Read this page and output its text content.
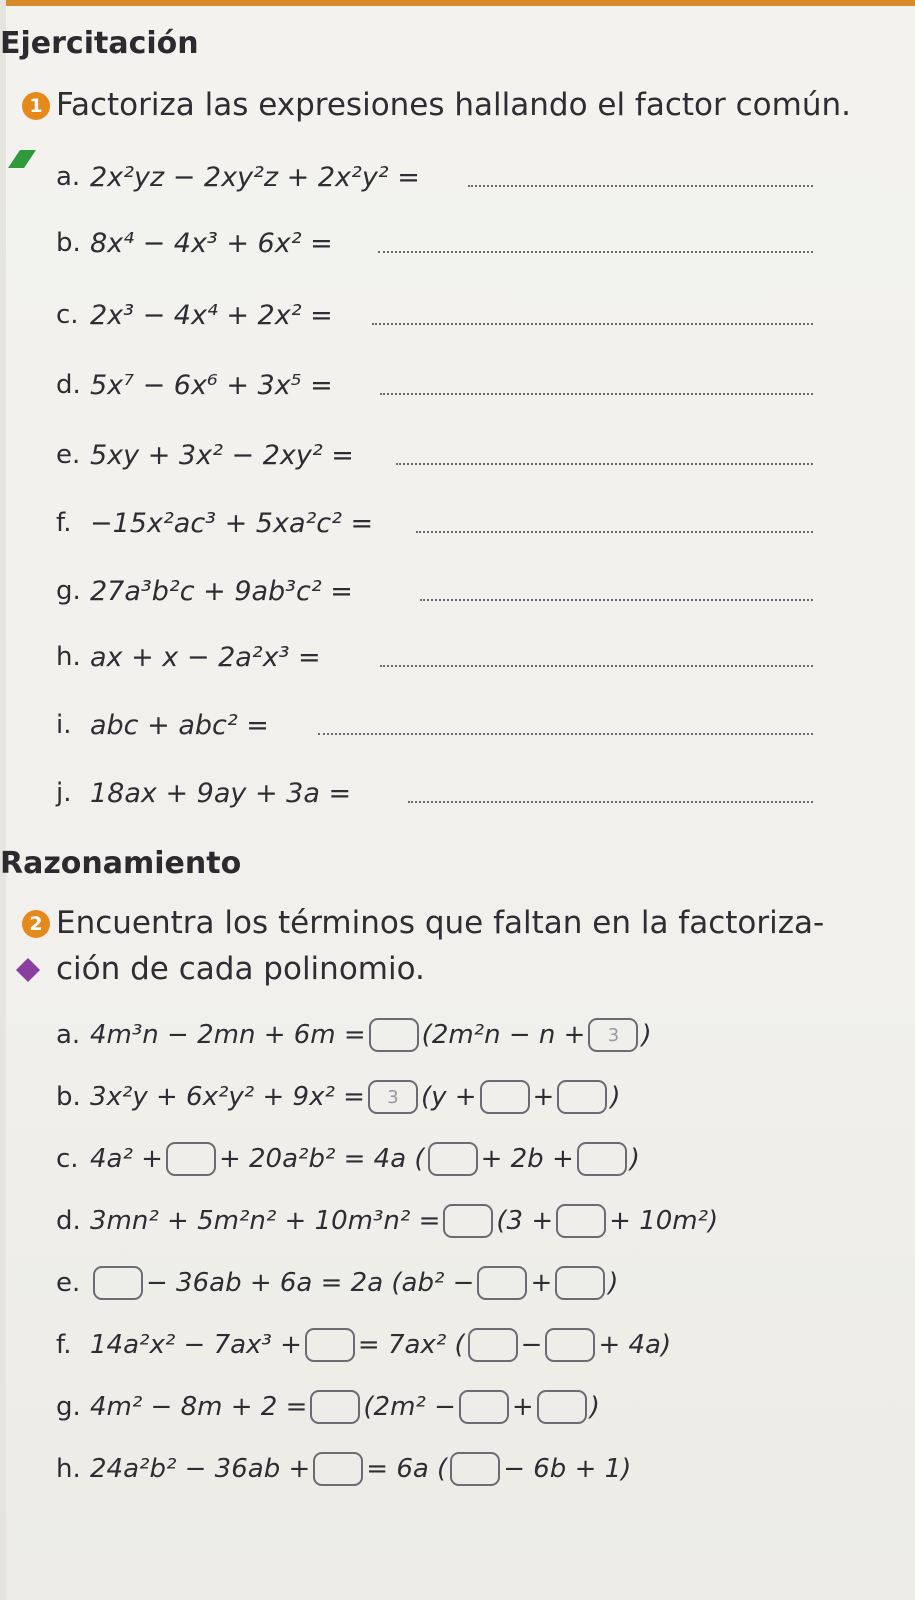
Ejercitación
1 Factoriza las expresiones hallando el factor común.
a. 2x²yz − 2xy²z + 2x²y² =
b. 8x⁴ − 4x³ + 6x² =
c. 2x³ − 4x⁴ + 2x² =
d. 5x⁷ − 6x⁶ + 3x⁵ =
e. 5xy + 3x² − 2xy² =
f. −15x²ac³ + 5xa²c² =
g. 27a³b²c + 9ab³c² =
h. ax + x − 2a²x³ =
i. abc + abc² =
j. 18ax + 9ay + 3a =
Razonamiento
2 Encuentra los términos que faltan en la factoriza-
ción de cada polinomio.
a. 4m³n − 2mn + 6m = (2m²n − n +	3 )
b. 3x²y + 6x²y² + 9x² =	3 (y + + )
c. 4a² + + 20a²b² = 4a ( + 2b + )
d. 3mn² + 5m²n² + 10m³n² = (3 + + 10m²)
e.	− 36ab + 6a = 2a (ab² − + )
f. 14a²x² − 7ax³ + = 7ax² ( − + 4a)
g. 4m² − 8m + 2 = (2m² − + )
h. 24a²b² − 36ab + = 6a ( − 6b + 1)
